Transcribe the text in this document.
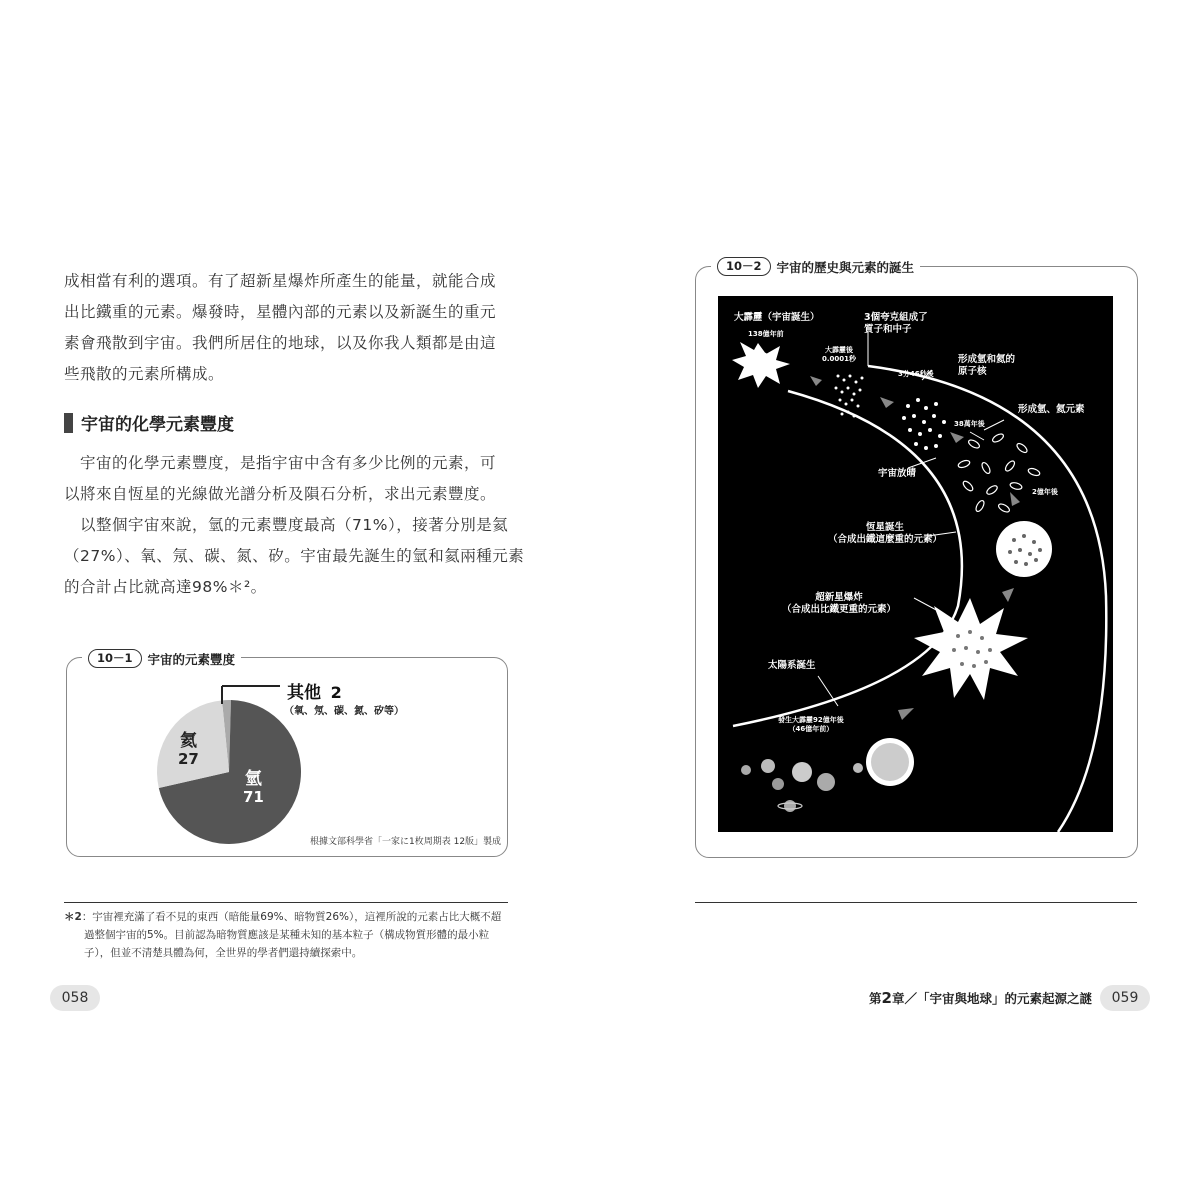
成相當有利的選項。有了超新星爆炸所產生的能量，就能合成

出比鐵重的元素。爆發時，星體內部的元素以及新誕生的重元

素會飛散到宇宙。我們所居住的地球，以及你我人類都是由這

些飛散的元素所構成。

宇宙的化學元素豐度

宇宙的化學元素豐度，是指宇宙中含有多少比例的元素，可

以將來自恆星的光線做光譜分析及隕石分析，求出元素豐度。

以整個宇宙來說，氫的元素豐度最高（71%），接著分別是氦

（27%）、氧、氖、碳、氮、矽。宇宙最先誕生的氫和氦兩種元素

的合計占比就高達98%＊²。

10－1	宇宙的元素豐度
氦
27
氫
71
其他 2
（氧、氖、碳、氮、矽等）
根據文部科學省「一家に1枚周期表 12版」製成
＊2：宇宙裡充滿了看不見的東西（暗能量69%、暗物質26%），這裡所說的元素占比大概不超
過整個宇宙的5%。目前認為暗物質應該是某種未知的基本粒子（構成物質形體的最小粒
子），但並不清楚具體為何，全世界的學者們還持續探索中。
058
10－2	宇宙的歷史與元素的誕生
大霹靂（宇宙誕生）
138億年前
3個夸克組成了
質子和中子
大霹靂後
0.0001秒
3分46秒後
形成氫和氦的
原子核
形成氫、氦元素
38萬年後
宇宙放晴
2億年後
恆星誕生
（合成出鐵這麼重的元素）
超新星爆炸
（合成出比鐵更重的元素）
太陽系誕生
發生大霹靂92億年後
（46億年前）
第2章／「宇宙與地球」的元素起源之謎	059
